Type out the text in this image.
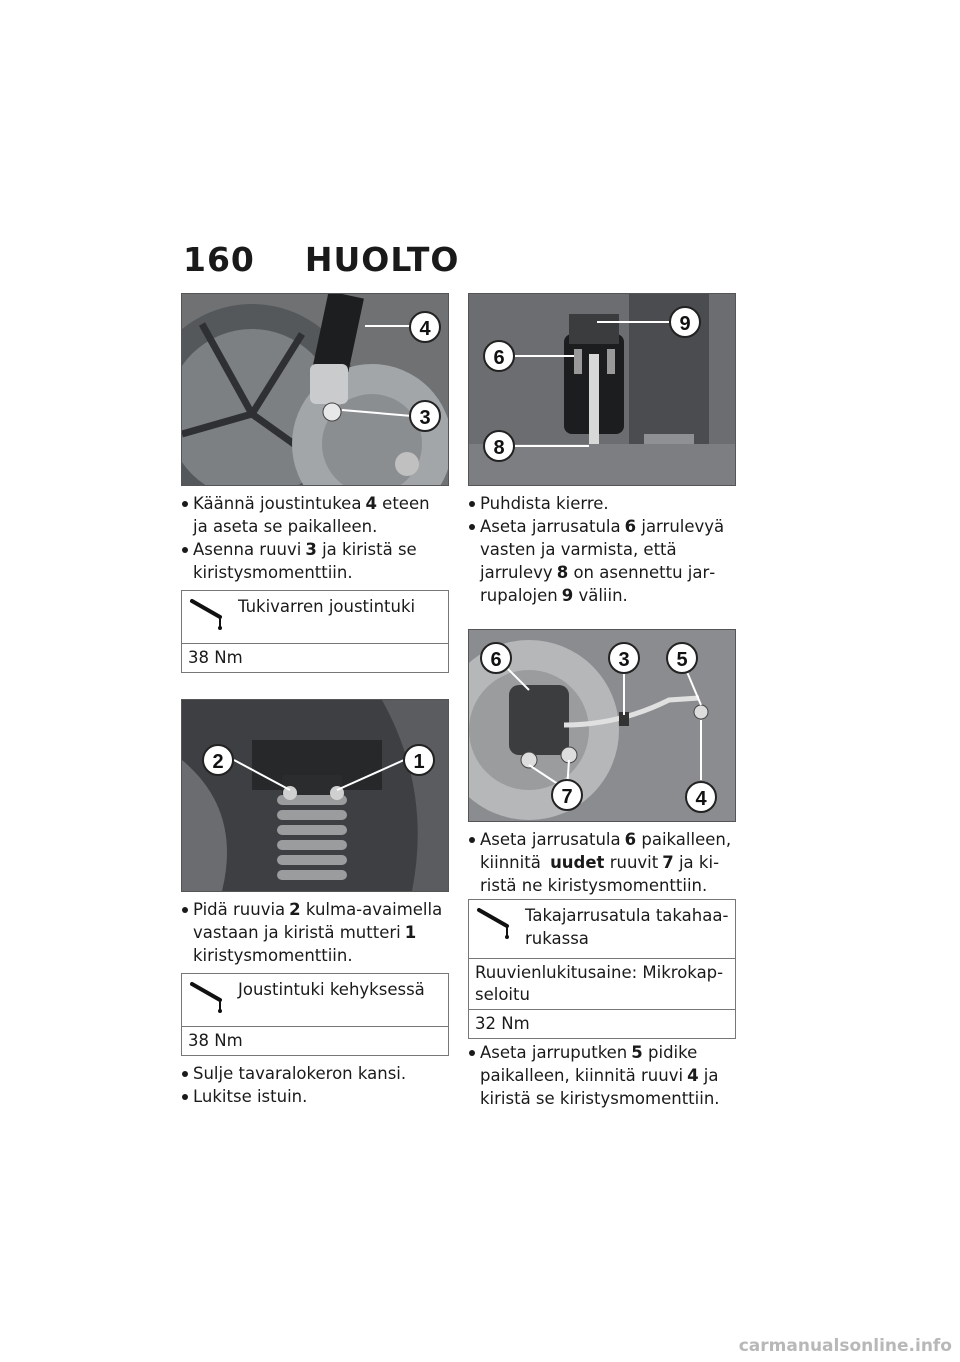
160 HUOLTO
4
3
Käännä joustintukea 4 eteen ja aseta se paikalleen.
Asenna ruuvi 3 ja kiristä se kiristysmomenttiin.
Tukivarren joustintuki
38 Nm
2	1
Pidä ruuvia 2 kulma-avaimella vastaan ja kiristä mutteri 1 kiristysmomenttiin.
Joustintuki kehyksessä
38 Nm
Sulje tavaralokeron kansi.
Lukitse istuin.
9
6
8
Puhdista kierre.
Aseta jarrusatula 6 jarrulevyä vasten ja varmista, että jarrulevy 8 on asennettu jarrupalojen 9 väliin.
6	3 5
7	4
Aseta jarrusatula 6 paikalleen, kiinnitä uudet ruuvit 7 ja kiristä ne kiristysmomenttiin.
Takajarrusatula takahaarukassa
Ruuvienlukitusaine: Mikrokapseloitu
32 Nm
Aseta jarruputken 5 pidike paikalleen, kiinnitä ruuvi 4 ja kiristä se kiristysmomenttiin.
carmanualsonline.info
